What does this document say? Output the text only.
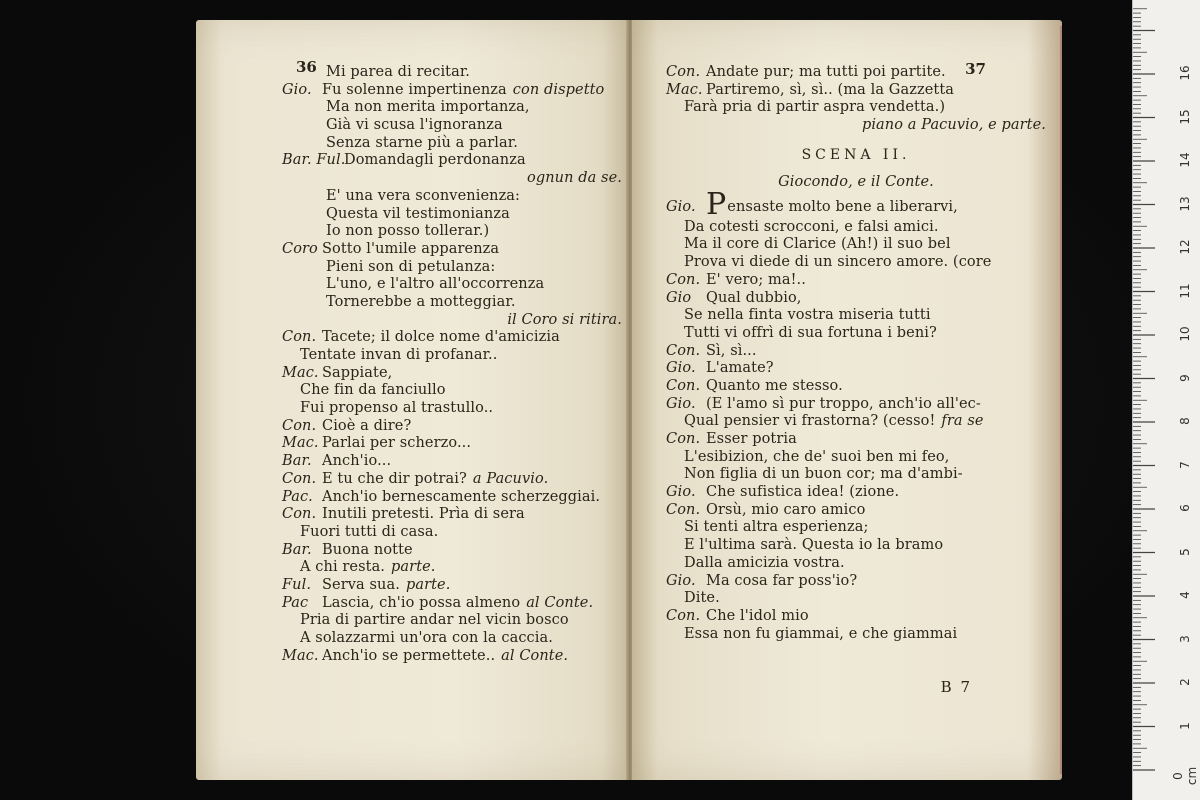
36 Mi parea di recitar.
Gio. Fu solenne impertinenza con dispetto
Ma non merita importanza,
Già vi scusa l'ignoranza
Senza starne più a parlar.
Bar. Ful.Domandagli perdonanza
ognun da se.
E' una vera sconvenienza:
Questa vil testimonianza
Io non posso tollerar.)
Coro Sotto l'umile apparenza
Pieni son di petulanza:
L'uno, e l'altro all'occorrenza
Tornerebbe a motteggiar.
il Coro si ritira.
Con. Tacete; il dolce nome d'amicizia
Tentate invan di profanar..
Mac. Sappiate,
Che fin da fanciullo
Fui propenso al trastullo..
Con. Cioè a dire?
Mac. Parlai per scherzo...
Bar. Anch'io...
Con. E tu che dir potrai? a Pacuvio.
Pac. Anch'io bernescamente scherzeggiai.
Con. Inutili pretesti. Prìa di sera
Fuori tutti di casa.
Bar. Buona notte
A chi resta. parte.
Ful. Serva sua. parte.
Pac Lascia, ch'io possa almeno al Conte.
Pria di partire andar nel vicin bosco
A solazzarmi un'ora con la caccia.
Mac. Anch'io se permettete.. al Conte.
37
Con. Andate pur; ma tutti poi partite.
Mac. Partiremo, sì, sì.. (ma la Gazzetta
Farà pria di partir aspra vendetta.)
piano a Pacuvio, e parte.
SCENA II.
Giocondo, e il Conte.
Gio. Pensaste molto bene a liberarvi,
Da cotesti scrocconi, e falsi amici.
Ma il core di Clarice (Ah!) il suo bel
Prova vi diede di un sincero amore. (core
Con. E' vero; ma!..
Gio Qual dubbio,
Se nella finta vostra miseria tutti
Tutti vi offrì di sua fortuna i beni?
Con. Sì, sì...
Gio. L'amate?
Con. Quanto me stesso.
Gio. (E l'amo sì pur troppo, anch'io all'ec-
Qual pensier vi frastorna? (cesso! fra se
Con. Esser potria
L'esibizion, che de' suoi ben mi feo,
Non figlia di un buon cor; ma d'ambi-
Gio. Che sufistica idea! (zione.
Con. Orsù, mio caro amico
Si tenti altra esperienza;
E l'ultima sarà. Questa io la bramo
Dalla amicizia vostra.
Gio. Ma cosa far poss'io?
Dite.
Con. Che l'idol mio
Essa non fu giammai, e che giammai
B 7
0 cm
1
2
3
4
5
6
7
8
9
10
11
12
13
14
15
16
